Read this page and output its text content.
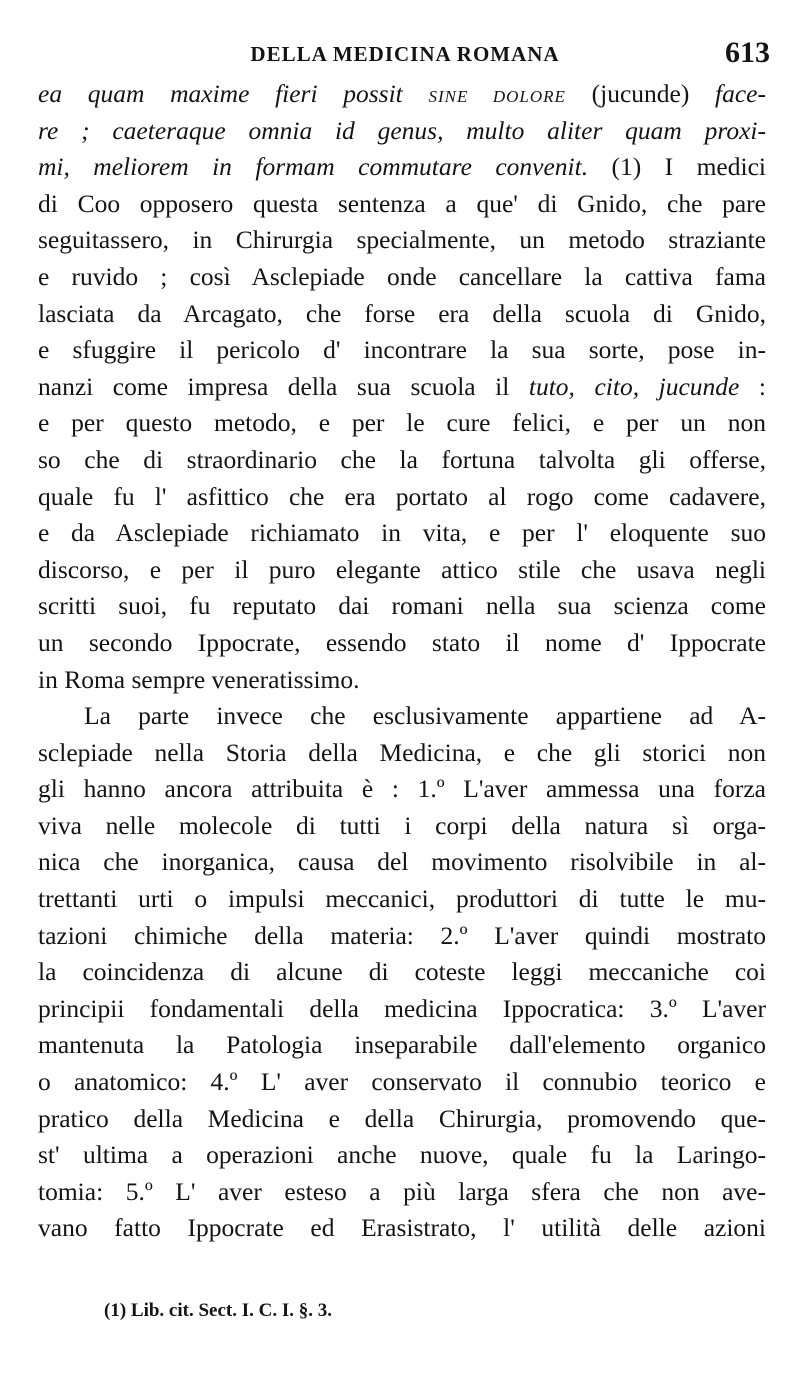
DELLA MEDICINA ROMANA	613
ea quam maxime fieri possit SINE DOLORE (jucunde) face-
re ; caeteraque omnia id genus, multo aliter quam proxi-
mi, meliorem in formam commutare convenit. (1) I medici
di Coo opposero questa sentenza a que' di Gnido, che pare
seguitassero, in Chirurgia specialmente, un metodo straziante
e ruvido ; così Asclepiade onde cancellare la cattiva fama
lasciata da Arcagato, che forse era della scuola di Gnido,
e sfuggire il pericolo d' incontrare la sua sorte, pose in-
nanzi come impresa della sua scuola il tuto, cito, jucunde :
e per questo metodo, e per le cure felici, e per un non
so che di straordinario che la fortuna talvolta gli offerse,
quale fu l' asfittico che era portato al rogo come cadavere,
e da Asclepiade richiamato in vita, e per l' eloquente suo
discorso, e per il puro elegante attico stile che usava negli
scritti suoi, fu reputato dai romani nella sua scienza come
un secondo Ippocrate, essendo stato il nome d' Ippocrate
in Roma sempre veneratissimo.
La parte invece che esclusivamente appartiene ad A-
sclepiade nella Storia della Medicina, e che gli storici non
gli hanno ancora attribuita è : 1.º L'aver ammessa una forza
viva nelle molecole di tutti i corpi della natura sì orga-
nica che inorganica, causa del movimento risolvibile in al-
trettanti urti o impulsi meccanici, produttori di tutte le mu-
tazioni chimiche della materia: 2.º L'aver quindi mostrato
la coincidenza di alcune di coteste leggi meccaniche coi
principii fondamentali della medicina Ippocratica: 3.º L'aver
mantenuta la Patologia inseparabile dall'elemento organico
o anatomico: 4.º L' aver conservato il connubio teorico e
pratico della Medicina e della Chirurgia, promovendo que-
st' ultima a operazioni anche nuove, quale fu la Laringo-
tomia: 5.º L' aver esteso a più larga sfera che non ave-
vano fatto Ippocrate ed Erasistrato, l' utilità delle azioni
(1) Lib. cit. Sect. I. C. I. §. 3.
